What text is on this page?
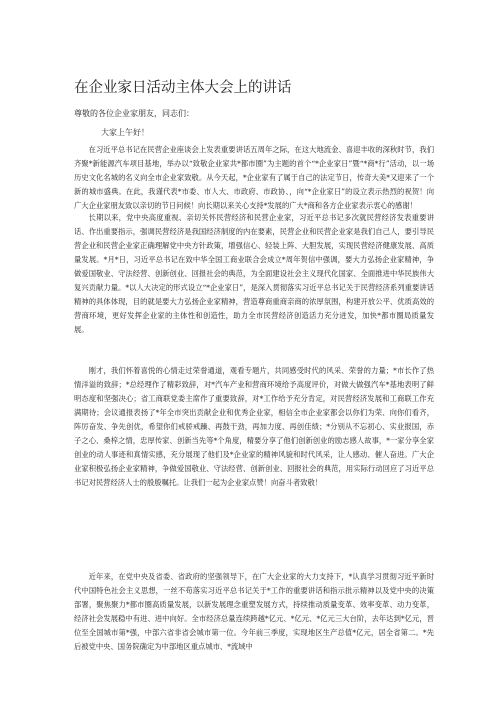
在企业家日活动主体大会上的讲话
尊敬的各位企业家朋友，同志们：
大家上午好！

在习近平总书记在民营企业座谈会上发表重要讲话五周年之际，在这大地流金、喜迎丰收的深秋时节，我们齐聚*新能源汽车项目基地，举办以“致敬企业家共*都市圈”为主题的首个“*企业家日”暨“*商*行”活动，以一场历史文化名城的名义向全市企业家致敬。从今天起，*企业家有了属于自己的法定节日，传奇大美*又迎来了一个新的城市盛典。在此，我谨代表*市委、市人大、市政府、市政协、，向“*企业家日”的设立表示热烈的祝贺！向广大企业家朋友致以亲切的节日问候！向长期以来关心支持*发展的广大*商和各方企业家表示衷心的感谢！

长期以来，党中央高度重视、亲切关怀民营经济和民营企业家，习近平总书记多次就民营经济发表重要讲话、作出重要指示，强调民营经济是我国经济制度的内在要素，民营企业和民营企业家是我们自己人，要引导民营企业和民营企业家正确理解党中央方针政策，增强信心、轻装上阵、大胆发展，实现民营经济健康发展、高质量发展。*月*日，习近平总书记在致中华全国工商业联合会成立*周年贺信中强调，要大力弘扬企业家精神，争做爱国敬业、守法经营、创新创业、回报社会的典范，为全面建设社会主义现代化国家、全面推进中华民族伟大复兴贡献力量。*以人大决定的形式设立“*企业家日”，是深入贯彻落实习近平总书记关于民营经济系列重要讲话精神的具体体现，目的就是要大力弘扬企业家精神，营造尊商重商亲商的浓厚氛围，构建开放公平、优质高效的营商环境，更好发挥企业家的主体性和创造性，助力全市民营经济创造活力充分迸发，加快*都市圈局质量发展。

刚才，我们怀着喜悦的心情走过荣誉通道，观看专题片，共同感受时代的风采、荣誉的力量；*市长作了热情洋溢的致辞；*总经理作了精彩致辞，对*汽车产业和营商环境给予高度评价，对做大做强汽车*基地表明了鲜明态度和坚强决心；省工商联党委主席作了重要致辞，对*工作给予充分肯定，对民营经济发展和工商联工作充满期待；会议通报表扬了*年全市突出贡献企业和优秀企业家，相信全市企业家都会以你们为荣、向你们看齐，阵厉奋发、争先创优，希望你们戒骄戒躁、再鼓干劲，再加力度、再创佳绩；*分别从不忘初心、实业报国，赤子之心、桑梓之情，忠厚传家、创新当先等*个角度，精要分享了他们创新创业的励志感人故事，*一家分享全家创业的动人事迹和真情实感，充分展现了他们及*企业家的精神风貌和时代风采，让人感动、催人奋进。广大企业家积极弘扬企业家精神，争做爱国敬业、守法经营、创新创业、回报社会的典范，用实际行动回应了习近平总书记对民营经济人士的殷殷嘱托。让我们一起为企业家点赞！向奋斗者致敬！

近年来，在党中央及省委、省政府的坚强领导下，在广大企业家的大力支持下，*认真学习贯彻习近平新时代中国特色社会主义思想，一丝不苟落实习近平总书记关于*工作的重要讲话和指示批示精神以及党中央的决策部署，聚焦聚力*都市圈高质量发展，以新发展理念重塑发展方式，持续推动质量变革、效率变革、动力变革，经济社会发展稳中有进、进中向好。全市经济总量连续跨越*亿元、*亿元、*亿元三大台阶，去年达到*亿元，晋位至全国城市第*强，中部六省非省会城市第一位。今年前三季度，实现地区生产总值*亿元，居全省第二。*先后被党中央、国务院确定为中部地区重点城市、*流域中
